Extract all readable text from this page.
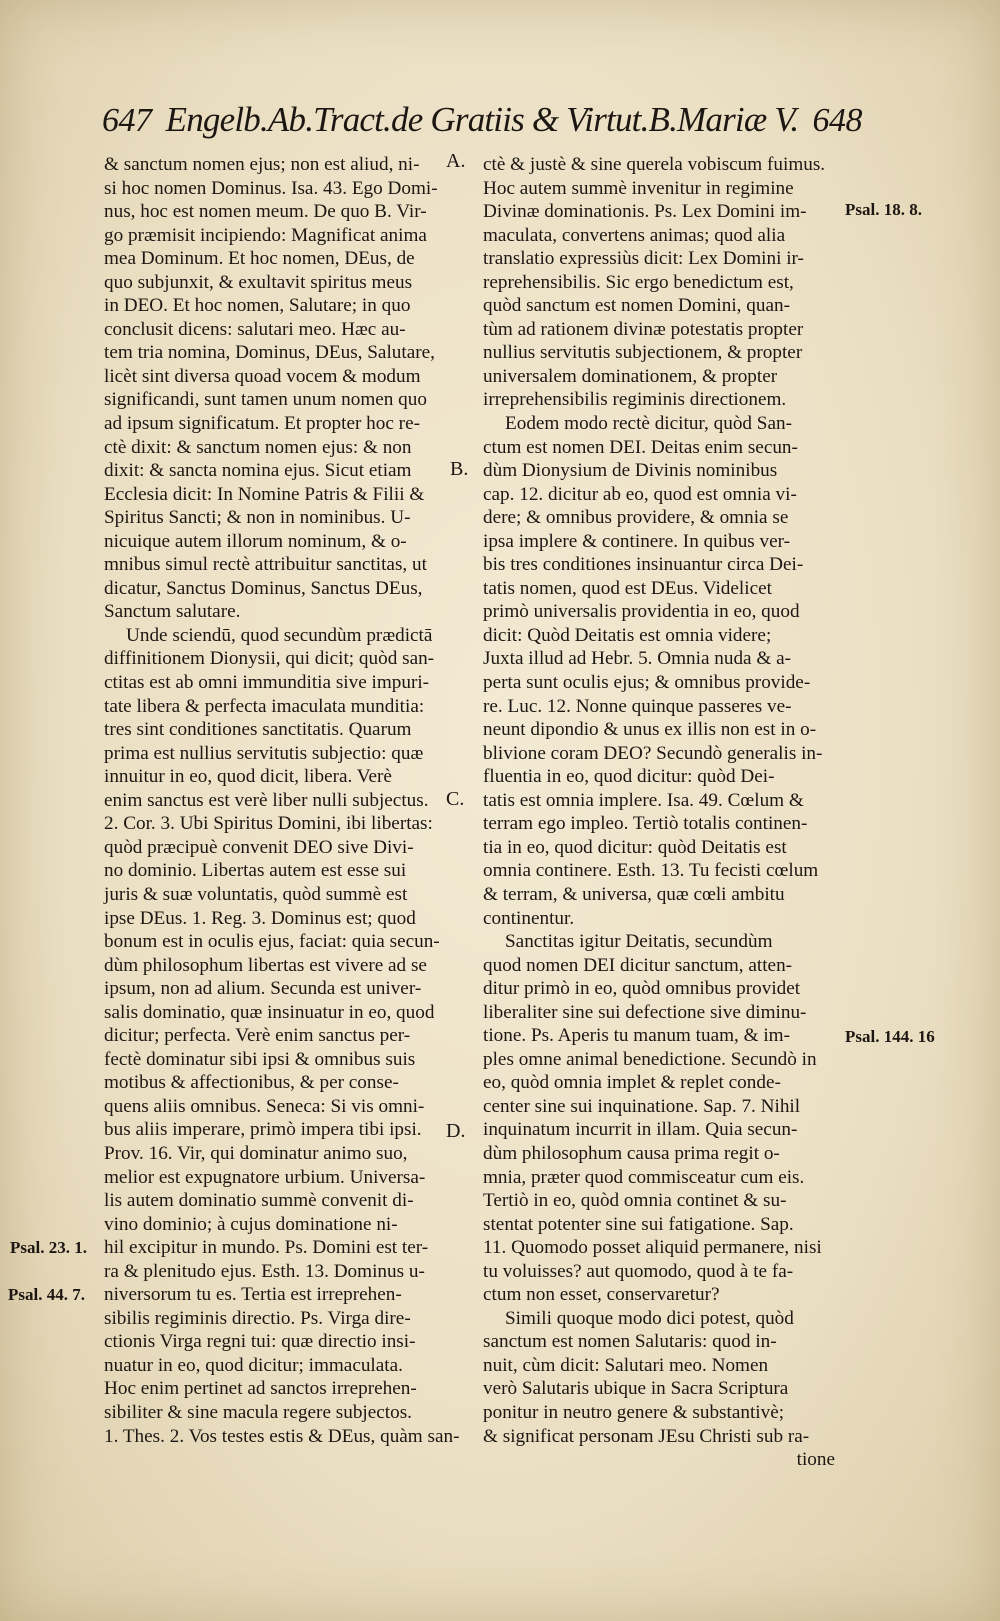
647 Engelb.Ab.Tract.de Gratiis & Virtut.B.Mariæ V. 648
& sanctum nomen ejus; non est aliud, ni-
si hoc nomen Dominus. Isa. 43. Ego Domi-
nus, hoc est nomen meum. De quo B. Vir-
go præmisit incipiendo: Magnificat anima
mea Dominum. Et hoc nomen, DEus, de
quo subjunxit, & exultavit spiritus meus
in DEO. Et hoc nomen, Salutare; in quo
conclusit dicens: salutari meo. Hæc au-
tem tria nomina, Dominus, DEus, Salutare,
licèt sint diversa quoad vocem & modum
significandi, sunt tamen unum nomen quo
ad ipsum significatum. Et propter hoc re-
ctè dixit: & sanctum nomen ejus: & non
dixit: & sancta nomina ejus. Sicut etiam
Ecclesia dicit: In Nomine Patris & Filii &
Spiritus Sancti; & non in nominibus. U-
nicuique autem illorum nominum, & o-
mnibus simul rectè attribuitur sanctitas, ut
dicatur, Sanctus Dominus, Sanctus DEus,
Sanctum salutare.
Unde sciendū, quod secundùm prædictā
diffinitionem Dionysii, qui dicit; quòd san-
ctitas est ab omni immunditia sive impuri-
tate libera & perfecta imaculata munditia:
tres sint conditiones sanctitatis. Quarum
prima est nullius servitutis subjectio: quæ
innuitur in eo, quod dicit, libera. Verè
enim sanctus est verè liber nulli subjectus.
2. Cor. 3. Ubi Spiritus Domini, ibi libertas:
quòd præcipuè convenit DEO sive Divi-
no dominio. Libertas autem est esse sui
juris & suæ voluntatis, quòd summè est
ipse DEus. 1. Reg. 3. Dominus est; quod
bonum est in oculis ejus, faciat: quia secun-
dùm philosophum libertas est vivere ad se
ipsum, non ad alium. Secunda est univer-
salis dominatio, quæ insinuatur in eo, quod
dicitur; perfecta. Verè enim sanctus per-
fectè dominatur sibi ipsi & omnibus suis
motibus & affectionibus, & per conse-
quens aliis omnibus. Seneca: Si vis omni-
bus aliis imperare, primò impera tibi ipsi.
Prov. 16. Vir, qui dominatur animo suo,
melior est expugnatore urbium. Universa-
lis autem dominatio summè convenit di-
vino dominio; à cujus dominatione ni-
hil excipitur in mundo. Ps. Domini est ter-
ra & plenitudo ejus. Esth. 13. Dominus u-
niversorum tu es. Tertia est irreprehen-
sibilis regiminis directio. Ps. Virga dire-
ctionis Virga regni tui: quæ directio insi-
nuatur in eo, quod dicitur; immaculata.
Hoc enim pertinet ad sanctos irreprehen-
sibiliter & sine macula regere subjectos.
1. Thes. 2. Vos testes estis & DEus, quàm san-
ctè & justè & sine querela vobiscum fuimus.
Hoc autem summè invenitur in regimine
Divinæ dominationis. Ps. Lex Domini im-
maculata, convertens animas; quod alia
translatio expressiùs dicit: Lex Domini ir-
reprehensibilis. Sic ergo benedictum est,
quòd sanctum est nomen Domini, quan-
tùm ad rationem divinæ potestatis propter
nullius servitutis subjectionem, & propter
universalem dominationem, & propter
irreprehensibilis regiminis directionem.
Eodem modo rectè dicitur, quòd San-
ctum est nomen DEI. Deitas enim secun-
dùm Dionysium de Divinis nominibus
cap. 12. dicitur ab eo, quod est omnia vi-
dere; & omnibus providere, & omnia se
ipsa implere & continere. In quibus ver-
bis tres conditiones insinuantur circa Dei-
tatis nomen, quod est DEus. Videlicet
primò universalis providentia in eo, quod
dicit: Quòd Deitatis est omnia videre;
Juxta illud ad Hebr. 5. Omnia nuda & a-
perta sunt oculis ejus; & omnibus provide-
re. Luc. 12. Nonne quinque passeres ve-
neunt dipondio & unus ex illis non est in o-
blivione coram DEO? Secundò generalis in-
fluentia in eo, quod dicitur: quòd Dei-
tatis est omnia implere. Isa. 49. Cœlum &
terram ego impleo. Tertiò totalis continen-
tia in eo, quod dicitur: quòd Deitatis est
omnia continere. Esth. 13. Tu fecisti cœlum
& terram, & universa, quæ cœli ambitu
continentur.
Sanctitas igitur Deitatis, secundùm
quod nomen DEI dicitur sanctum, atten-
ditur primò in eo, quòd omnibus providet
liberaliter sine sui defectione sive diminu-
tione. Ps. Aperis tu manum tuam, & im-
ples omne animal benedictione. Secundò in
eo, quòd omnia implet & replet conde-
center sine sui inquinatione. Sap. 7. Nihil
inquinatum incurrit in illam. Quia secun-
dùm philosophum causa prima regit o-
mnia, præter quod commisceatur cum eis.
Tertiò in eo, quòd omnia continet & su-
stentat potenter sine sui fatigatione. Sap.
11. Quomodo posset aliquid permanere, nisi
tu voluisses? aut quomodo, quod à te fa-
ctum non esset, conservaretur?
Simili quoque modo dici potest, quòd
sanctum est nomen Salutaris: quod in-
nuit, cùm dicit: Salutari meo. Nomen
verò Salutaris ubique in Sacra Scriptura
ponitur in neutro genere & substantivè;
& significat personam JEsu Christi sub ra-
tione
A.
B.
C.
D.
Psal. 18. 8.
Psal. 144. 16
Psal. 23. 1.
Psal. 44. 7.
